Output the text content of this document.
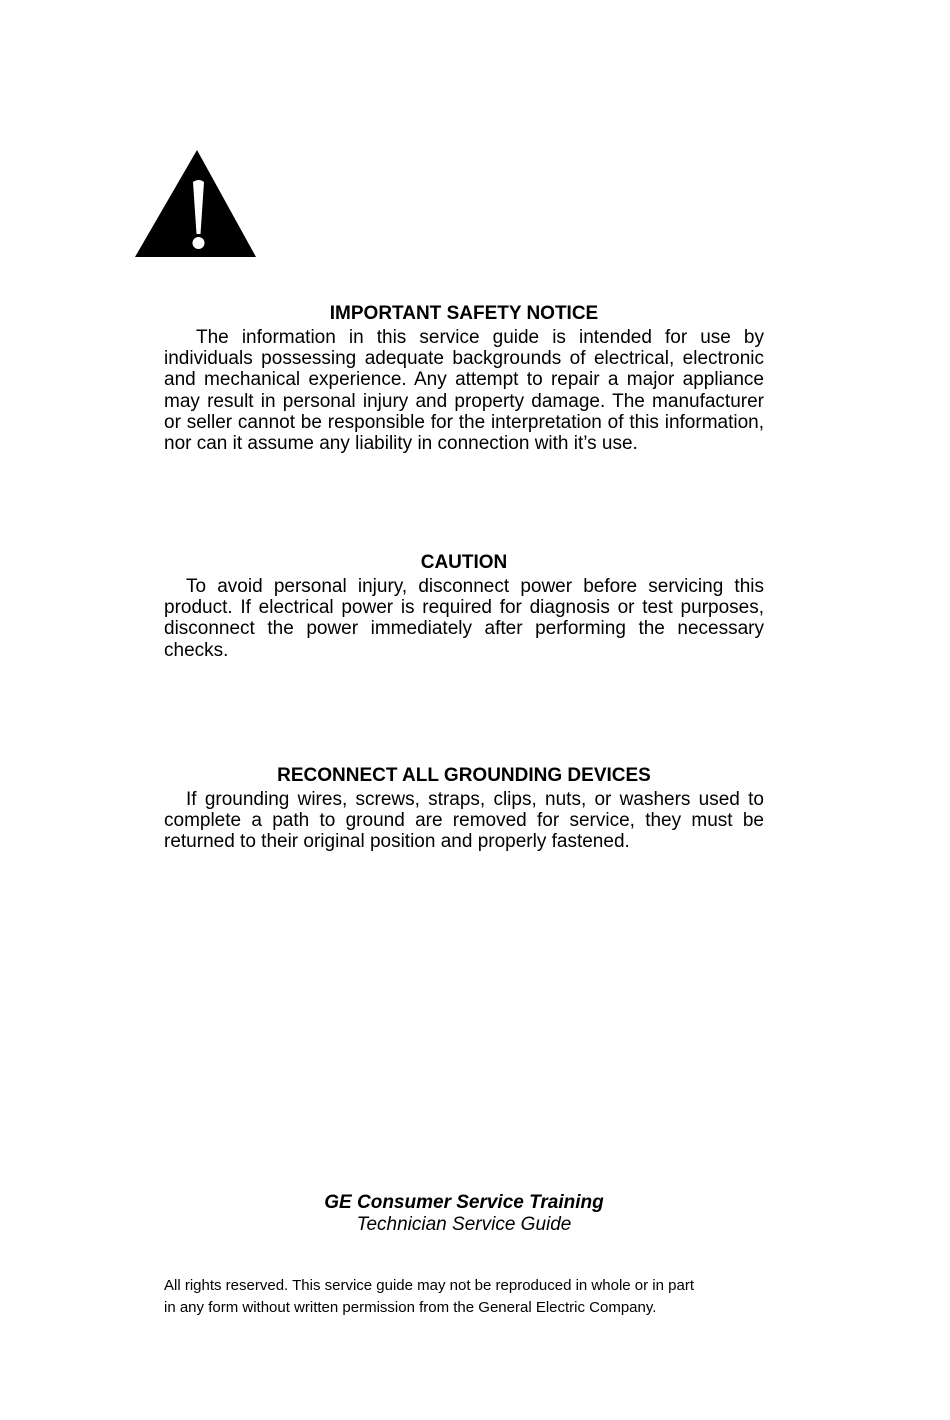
IMPORTANT SAFETY NOTICE

The information in this service guide is intended for use by individuals possessing adequate backgrounds of electrical, electronic and mechanical experience. Any attempt to repair a major appliance may result in personal injury and property damage. The manufacturer or seller cannot be responsible for the interpretation of this information, nor can it assume any liability in connection with it’s use.

CAUTION

To avoid personal injury, disconnect power before servicing this product. If electrical power is required for diagnosis or test purposes, disconnect the power immediately after performing the necessary checks.

RECONNECT ALL GROUNDING DEVICES

If grounding wires, screws, straps, clips, nuts, or washers used to complete a path to ground are removed for service, they must be returned to their original position and properly fastened.

GE Consumer Service Training
Technician Service Guide
All rights reserved. This service guide may not be reproduced in whole or in part
in any form without written permission from the General Electric Company.
